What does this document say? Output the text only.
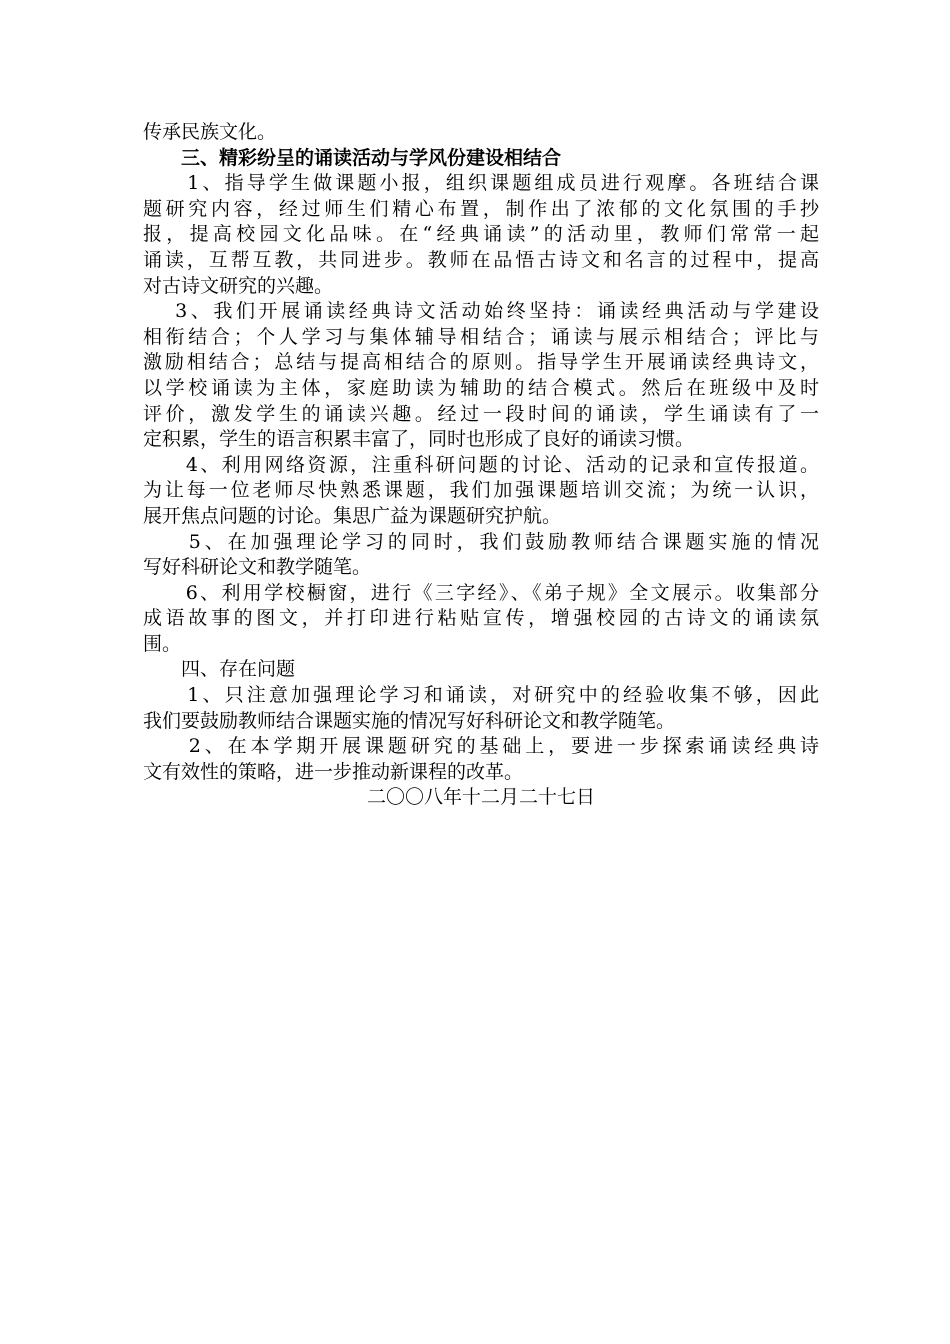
传承民族文化。
　　三、精彩纷呈的诵读活动与学风份建设相结合
　　1、指导学生做课题小报，组织课题组成员进行观摩。各班结合课
题研究内容，经过师生们精心布置，制作出了浓郁的文化氛围的手抄
报，提高校园文化品味。在“经典诵读”的活动里，教师们常常一起
诵读，互帮互教，共同进步。教师在品悟古诗文和名言的过程中，提高
对古诗文研究的兴趣。
　 3、我们开展诵读经典诗文活动始终坚持：诵读经典活动与学建设
相衔结合；个人学习与集体辅导相结合；诵读与展示相结合；评比与
激励相结合；总结与提高相结合的原则。指导学生开展诵读经典诗文，
以学校诵读为主体，家庭助读为辅助的结合模式。然后在班级中及时
评价，激发学生的诵读兴趣。经过一段时间的诵读，学生诵读有了一
定积累，学生的语言积累丰富了，同时也形成了良好的诵读习惯。
　　4、利用网络资源，注重科研问题的讨论、活动的记录和宣传报道。
为让每一位老师尽快熟悉课题，我们加强课题培训交流；为统一认识，
展开焦点问题的讨论。集思广益为课题研究护航。
　　5、在加强理论学习的同时，我们鼓励教师结合课题实施的情况
写好科研论文和教学随笔。
　　6、利用学校橱窗，进行《三字经》、《弟子规》全文展示。收集部分
成语故事的图文，并打印进行粘贴宣传，增强校园的古诗文的诵读氛
围。
　　四、存在问题
　　1、只注意加强理论学习和诵读，对研究中的经验收集不够，因此
我们要鼓励教师结合课题实施的情况写好科研论文和教学随笔。
　　2、在本学期开展课题研究的基础上，要进一步探索诵读经典诗
文有效性的策略，进一步推动新课程的改革。
二〇〇八年十二月二十七日
